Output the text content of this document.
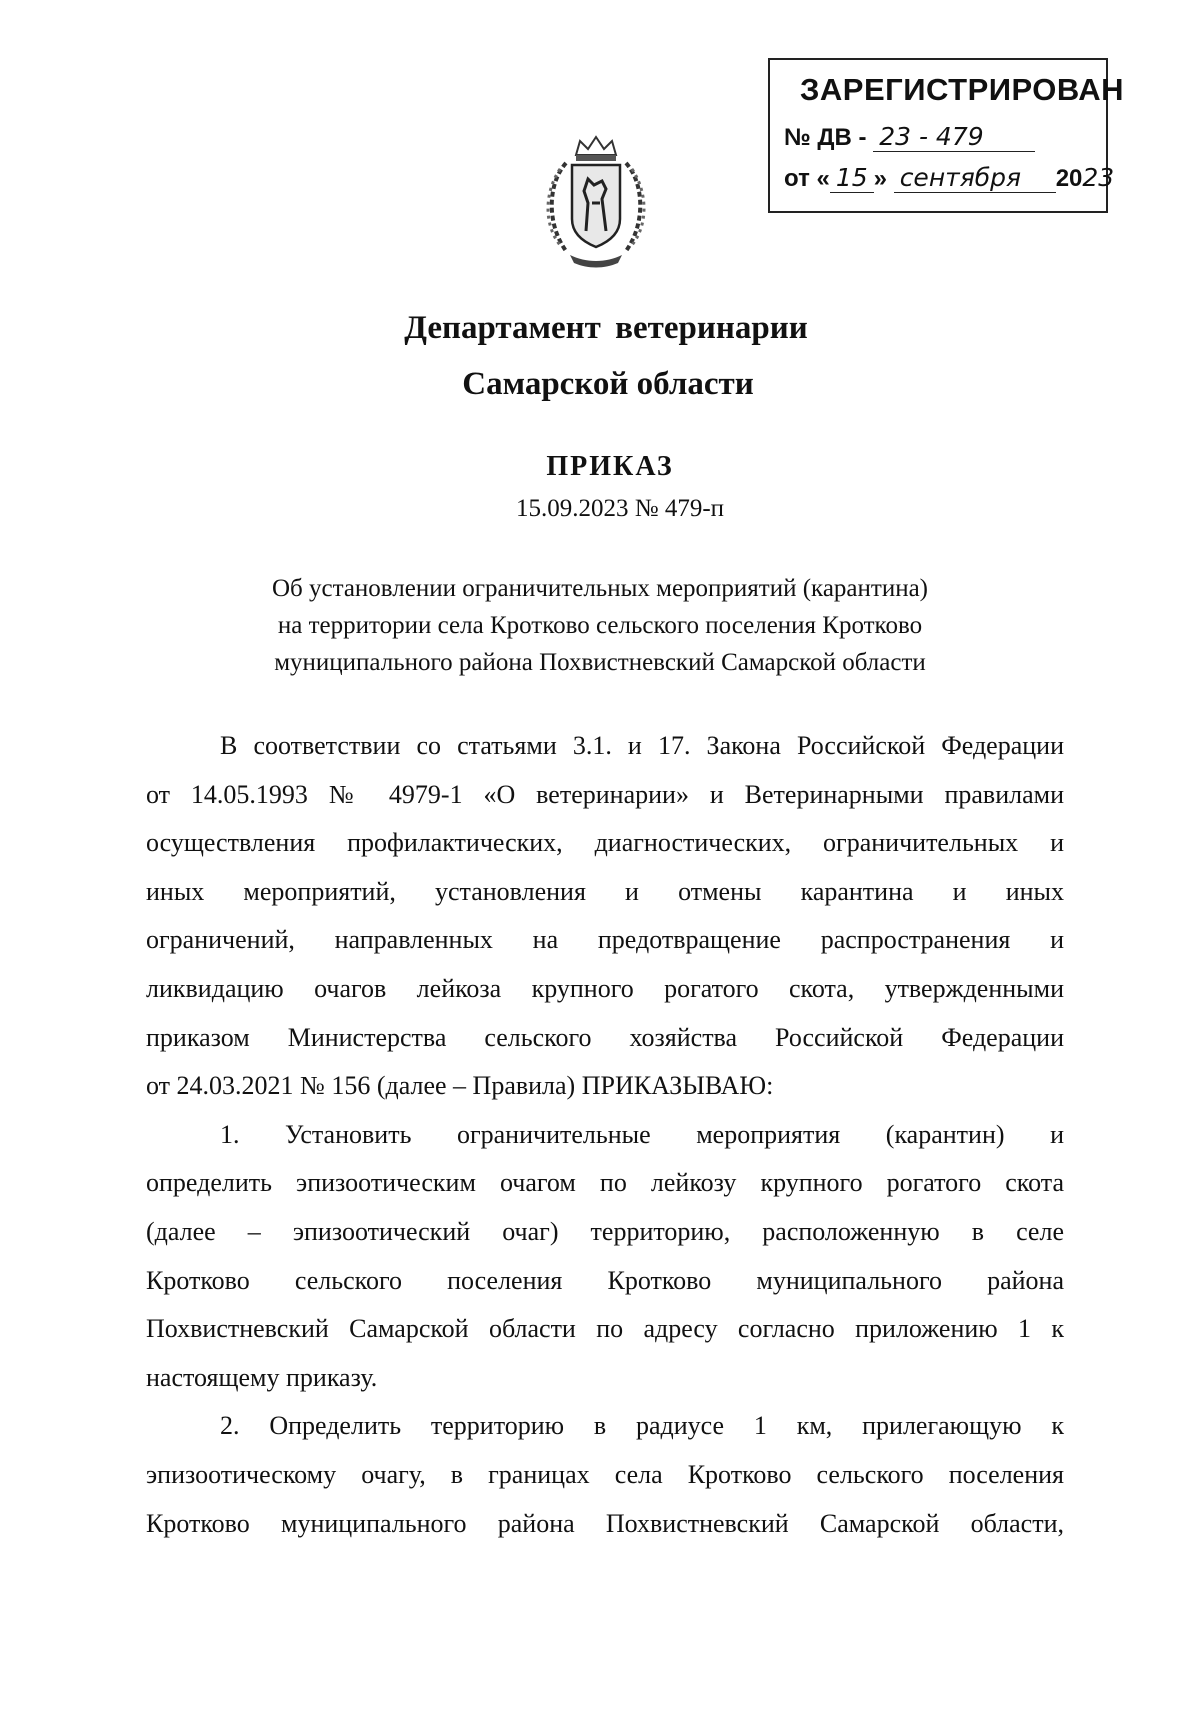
ЗАРЕГИСТРИРОВАН
№ ДВ - 23 - 479
от « 15 » сентября 2023
Департамент ветеринарии
Самарской области
ПРИКАЗ
15.09.2023 № 479-п
Об установлении ограничительных мероприятий (карантина)
на территории села Кротково сельского поселения Кротково
муниципального района Похвистневский Самарской области
В соответствии со статьями 3.1. и 17. Закона Российской Федерации
от 14.05.1993 № 4979-1 «О ветеринарии» и Ветеринарными правилами
осуществления профилактических, диагностических, ограничительных и
иных мероприятий, установления и отмены карантина и иных
ограничений, направленных на предотвращение распространения и
ликвидацию очагов лейкоза крупного рогатого скота, утвержденными
приказом Министерства сельского хозяйства Российской Федерации
от 24.03.2021 № 156 (далее – Правила) ПРИКАЗЫВАЮ:
1. Установить ограничительные мероприятия (карантин) и
определить эпизоотическим очагом по лейкозу крупного рогатого скота
(далее – эпизоотический очаг) территорию, расположенную в селе
Кротково сельского поселения Кротково муниципального района
Похвистневский Самарской области по адресу согласно приложению 1 к
настоящему приказу.
2. Определить территорию в радиусе 1 км, прилегающую к
эпизоотическому очагу, в границах села Кротково сельского поселения
Кротково муниципального района Похвистневский Самарской области,
